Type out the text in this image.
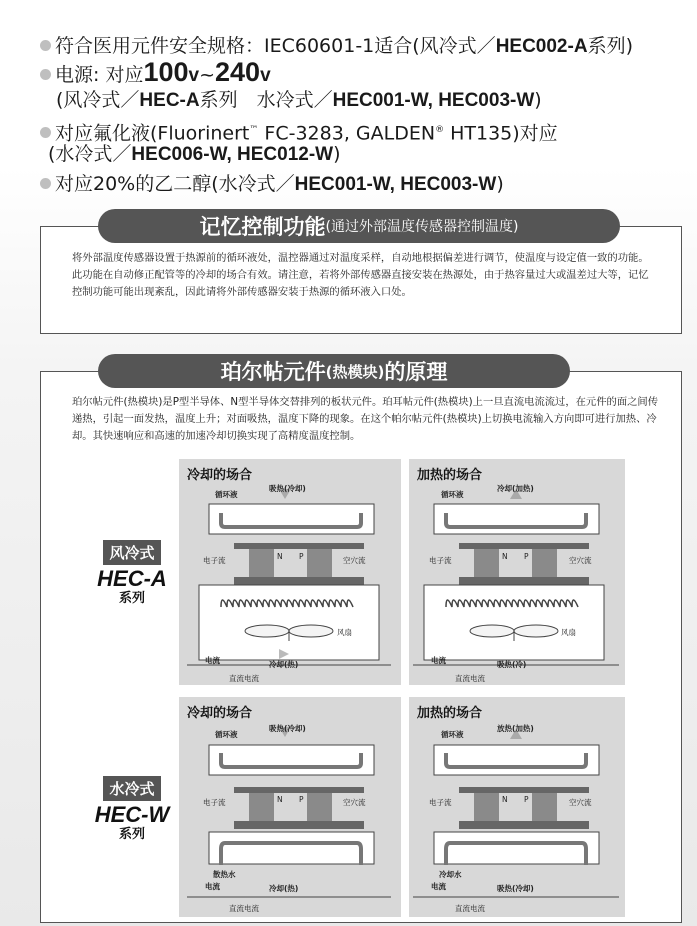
符合医用元件安全规格：IEC60601-1适合(风冷式／HEC002-A系列)
电源: 对应100v~240v
(风冷式／HEC-A系列　水冷式／HEC001-W, HEC003-W)
对应氟化液(Fluorinert™ FC-3283, GALDEN® HT135)对应
(水冷式／HEC006-W, HEC012-W)
对应20%的乙二醇(水冷式／HEC001-W, HEC003-W)
记忆控制功能 (通过外部温度传感器控制温度)
将外部温度传感器设置于热源前的循环液处，温控器通过对温度采样，自动地根据偏差进行调节，使温度与设定值一致的功能。此功能在自动修正配管等的冷却的场合有效。请注意，若将外部传感器直接安装在热源处，由于热容量过大或温差过大等，记忆控制功能可能出现紊乱，因此请将外部传感器安装于热源的循环液入口处。
珀尔帖元件 (热模块) 的原理
珀尔帖元件(热模块)是P型半导体、N型半导体交替排列的板状元件。珀耳帖元件(热模块)上一旦直流电流流过，在元件的面之间传递热，引起一面发热，温度上升；对面吸热，温度下降的现象。在这个帕尔帖元件(热模块)上切换电流输入方向即可进行加热、冷却。其快速响应和高速的加速冷却切换实现了高精度温度控制。
风冷式
HEC-A
系列
水冷式
HEC-W
系列
冷却的场合
吸热(冷却)
循环液
电子流	N P	空穴流
风扇
电流	冷却(热)
直流电流
加热的场合
冷却(加热)
循环液
电子流	N P	空穴流
风扇
电流	吸热(冷)
直流电流
冷却的场合
吸热(冷却)
循环液
电子流	N P	空穴流
散热水
电流	冷却(热)
直流电流
加热的场合
放热(加热)
循环液
电子流	N P	空穴流
冷却水
电流	吸热(冷却)
直流电流
